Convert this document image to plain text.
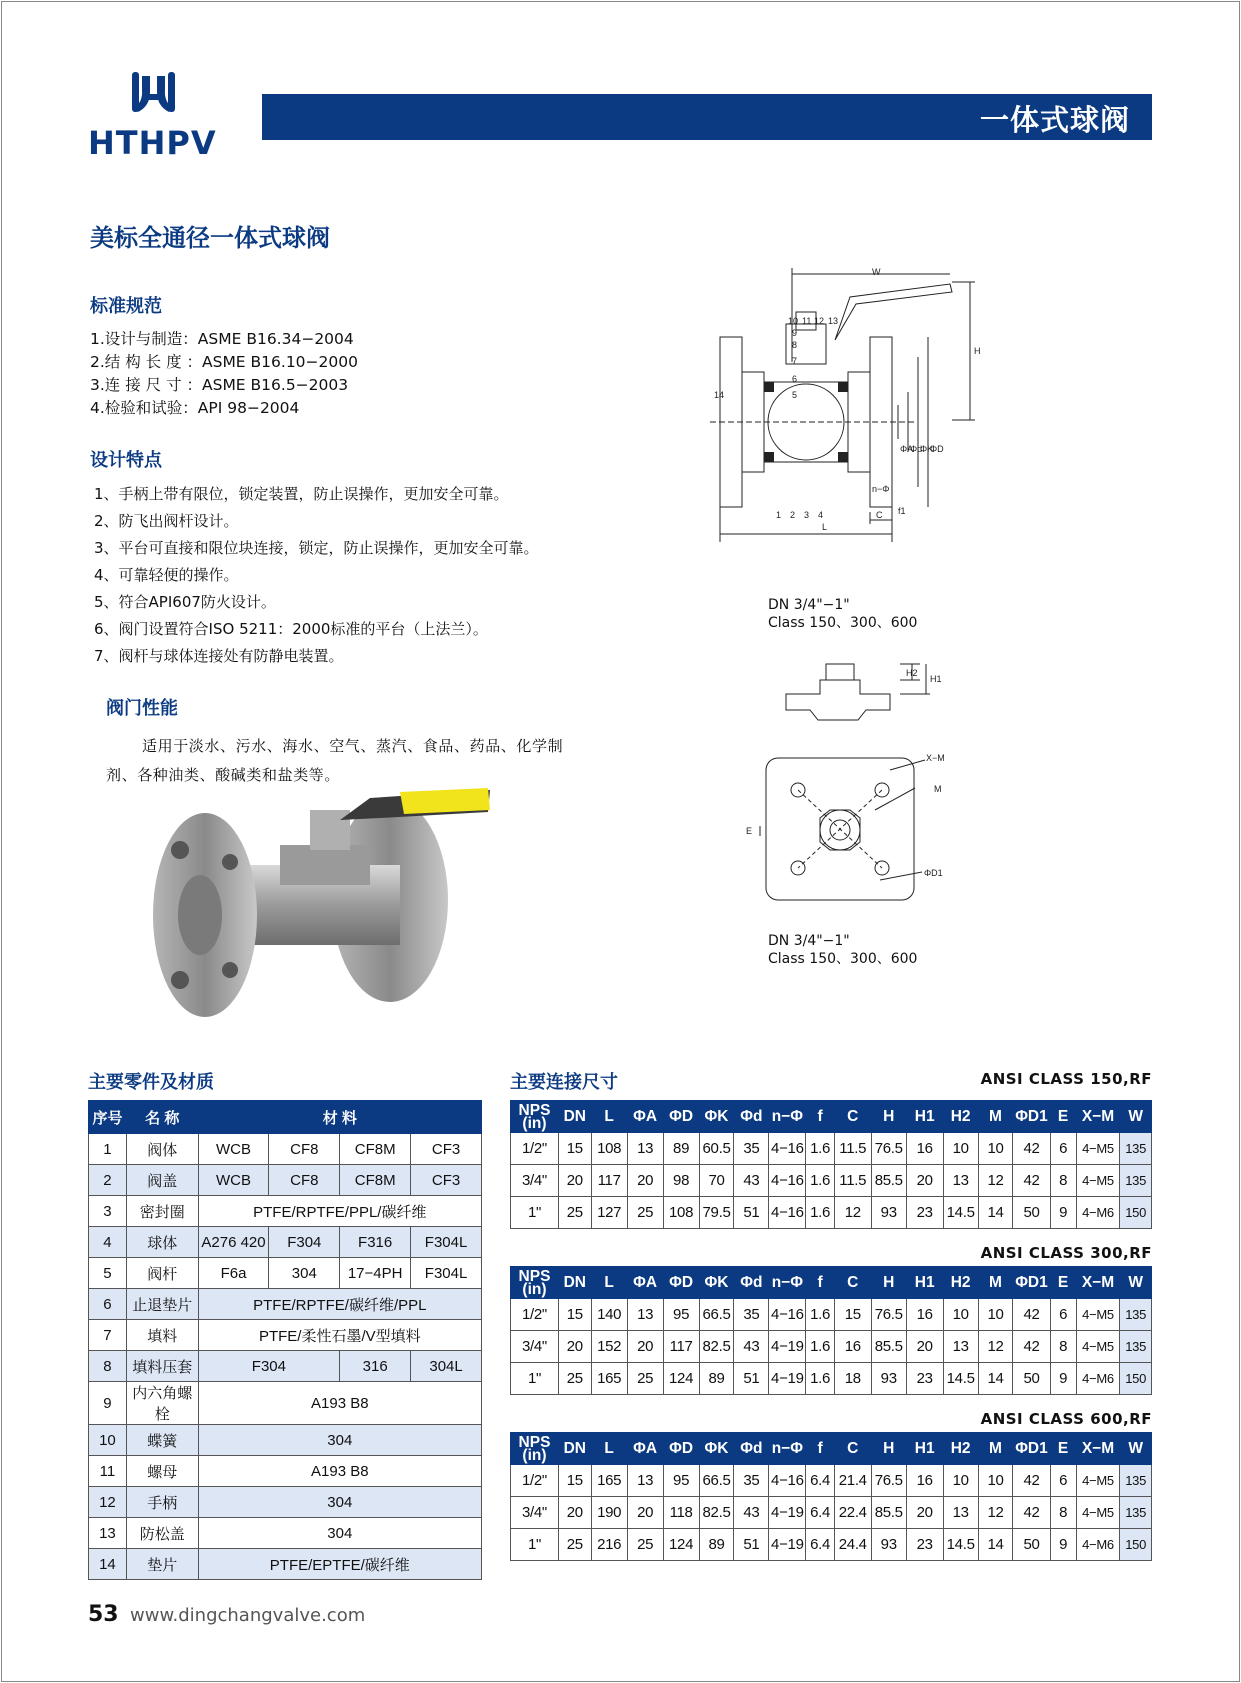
HTHPV
一体式球阀
美标全通径一体式球阀
标准规范
1.设计与制造：ASME B16.34−2004
2.结 构 长 度 ：ASME B16.10−2000
3.连 接 尺 寸 ：ASME B16.5−2003
4.检验和试验：API 98−2004
设计特点
1、手柄上带有限位，锁定装置，防止误操作，更加安全可靠。
2、防飞出阀杆设计。
3、平台可直接和限位块连接，锁定，防止误操作，更加安全可靠。
4、可靠轻便的操作。
5、符合API607防火设计。
6、阀门设置符合ISO 5211：2000标准的平台（上法兰）。
7、阀杆与球体连接处有防静电装置。
阀门性能
适用于淡水、污水、海水、空气、蒸汽、食品、药品、化学制
剂、各种油类、酸碱类和盐类等。
W
H
L
C f1
ΦA
Φd
ΦK
ΦD
n−Φ
10 11 12 13
9
8
7
6
5
14
1 2 3 4
DN 3/4"−1"
Class 150、300、600
H2
H1
X−M
M
E
ΦD1
DN 3/4"−1"
Class 150、300、600
主要零件及材质
序号	名 称	材 料			
1	阀体	WCB	CF8	CF8M	CF3
2	阀盖	WCB	CF8	CF8M	CF3
3	密封圈	PTFE/RPTFE/PPL/碳纤维			
4	球体	A276 420	F304	F316	F304L
5	阀杆	F6a	304	17−4PH	F304L
6	止退垫片	PTFE/RPTFE/碳纤维/PPL			
7	填料	PTFE/柔性石墨/V型填料			
8	填料压套	F304		316	304L
9	内六角螺栓	A193 B8			
10	蝶簧	304			
11	螺母	A193 B8			
12	手柄	304			
13	防松盖	304			
14	垫片	PTFE/EPTFE/碳纤维			
主要连接尺寸	ANSI CLASS 150,RF
NPS
(in)	DN	L	ΦA	ΦD	ΦK	Φd	n−Φ	f	C	H	H1	H2	M	ΦD1	E	X−M	W
1/2"	15	108	13	89	60.5	35	4−16	1.6	11.5	76.5	16	10	10	42	6	4−M5	135
3/4"	20	117	20	98	70	43	4−16	1.6	11.5	85.5	20	13	12	42	8	4−M5	135
1"	25	127	25	108	79.5	51	4−16	1.6	12	93	23	14.5	14	50	9	4−M6	150
ANSI CLASS 300,RF
NPS
(in)	DN	L	ΦA	ΦD	ΦK	Φd	n−Φ	f	C	H	H1	H2	M	ΦD1	E	X−M	W
1/2"	15	140	13	95	66.5	35	4−16	1.6	15	76.5	16	10	10	42	6	4−M5	135
3/4"	20	152	20	117	82.5	43	4−19	1.6	16	85.5	20	13	12	42	8	4−M5	135
1"	25	165	25	124	89	51	4−19	1.6	18	93	23	14.5	14	50	9	4−M6	150
ANSI CLASS 600,RF
NPS
(in)	DN	L	ΦA	ΦD	ΦK	Φd	n−Φ	f	C	H	H1	H2	M	ΦD1	E	X−M	W
1/2"	15	165	13	95	66.5	35	4−16	6.4	21.4	76.5	16	10	10	42	6	4−M5	135
3/4"	20	190	20	118	82.5	43	4−19	6.4	22.4	85.5	20	13	12	42	8	4−M5	135
1"	25	216	25	124	89	51	4−19	6.4	24.4	93	23	14.5	14	50	9	4−M6	150
53 www.dingchangvalve.com
